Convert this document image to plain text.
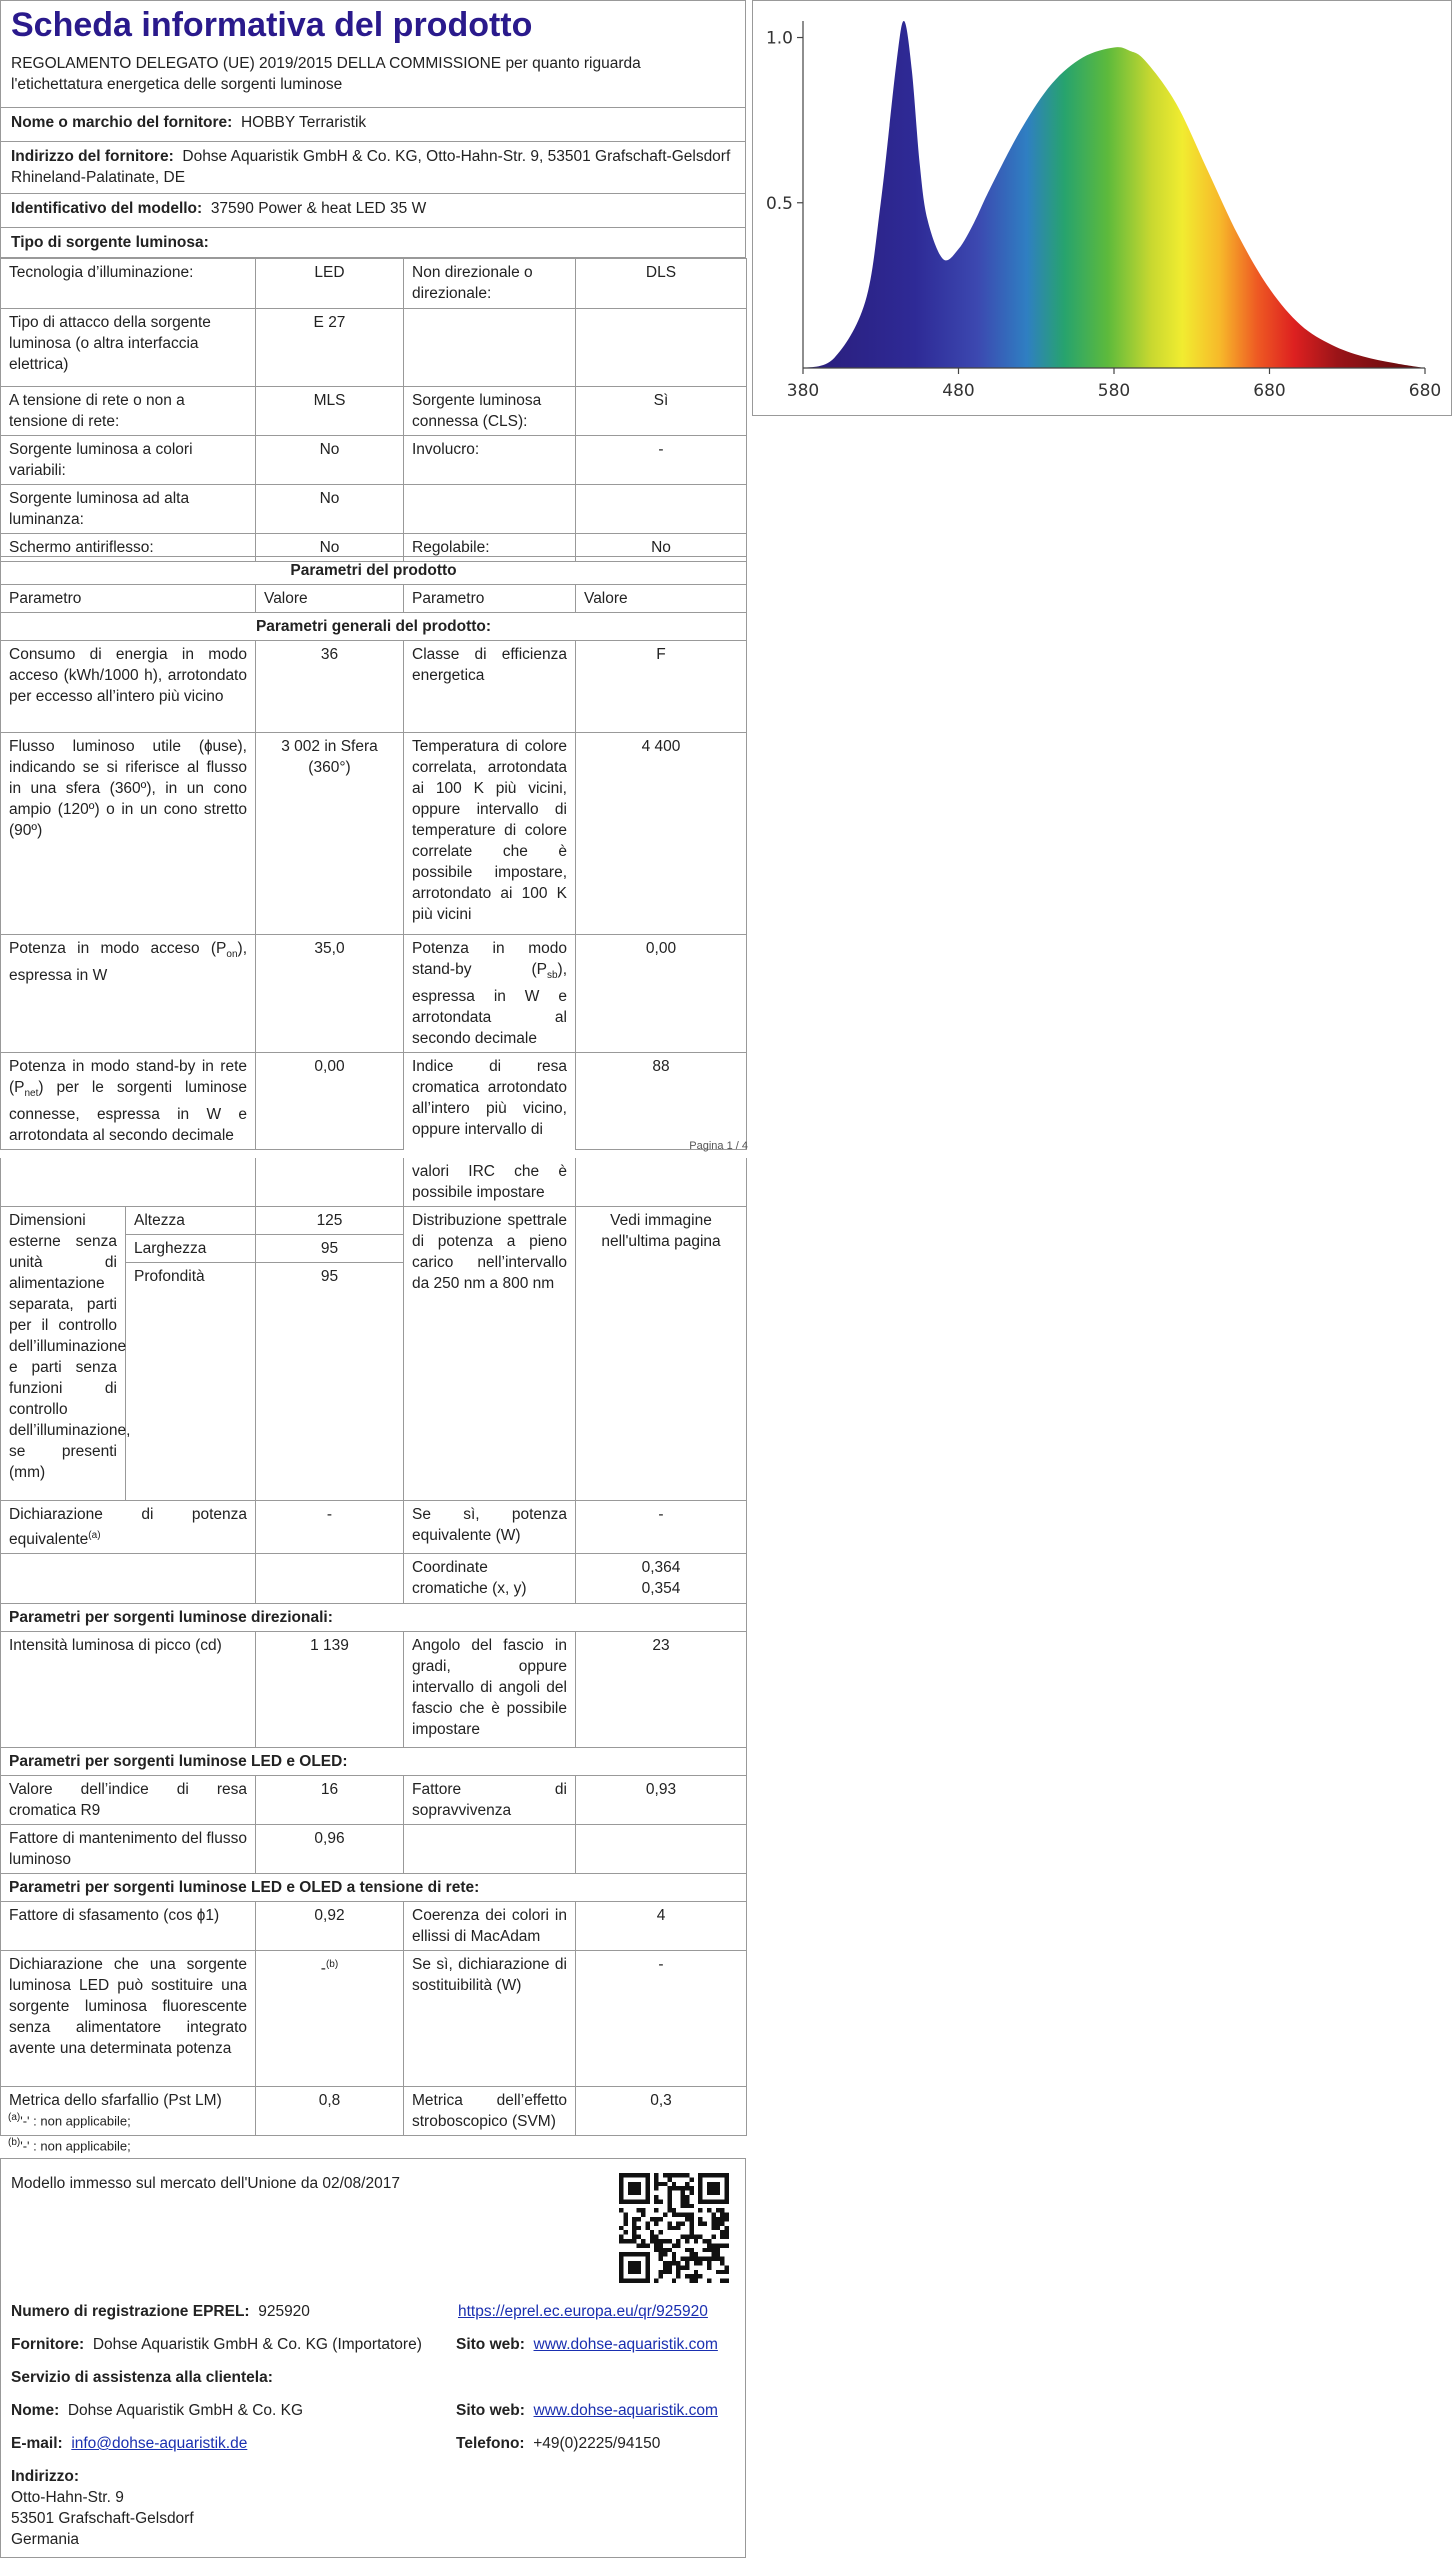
Scheda informativa del prodotto
REGOLAMENTO DELEGATO (UE) 2019/2015 DELLA COMMISSIONE per quanto riguarda l'etichettatura energetica delle sorgenti luminose
Nome o marchio del fornitore: HOBBY Terraristik
Indirizzo del fornitore: Dohse Aquaristik GmbH & Co. KG, Otto-Hahn-Str. 9, 53501 Grafschaft-Gelsdorf Rhineland-Palatinate, DE
Identificativo del modello: 37590 Power & heat LED 35 W
Tipo di sorgente luminosa:
Tecnologia d’illuminazione:	LED	Non direzionale o direzionale:	DLS
Tipo di attacco della sorgente luminosa (o altra interfaccia elettrica)	E 27		
A tensione di rete o non a tensione di rete:	MLS	Sorgente luminosa connessa (CLS):	Sì
Sorgente luminosa a colori variabili:	No	Involucro:	-
Sorgente luminosa ad alta luminanza:	No		
Schermo antiriflesso:	No	Regolabile:	No
Parametri del prodotto			
Parametro	Valore	Parametro	Valore
Parametri generali del prodotto:			
Consumo di energia in modo acceso (kWh/1000 h), arrotondato per eccesso all’intero più vicino	36	Classe di efficienza energetica	F
Flusso luminoso utile (ɸuse), indicando se si riferisce al flusso in una sfera (360º), in un cono ampio (120º) o in un cono stretto (90º)	3 002 in Sfera (360°)	Temperatura di colore correlata, arrotondata ai 100 K più vicini, oppure intervallo di temperature di colore correlate che è possibile impostare, arrotondato ai 100 K più vicini	4 400
Potenza in modo acceso $(P_{on})$, espressa in W	35,0	Potenza in modo stand-by $(P_{sb})$, espressa in W e arrotondata al secondo decimale	0,00
Potenza in modo stand-by in rete $(P_{net})$ per le sorgenti luminose connesse, espressa in W e arrotondata al secondo decimale	0,00	Indice di resa cromatica arrotondato all’intero più vicino, oppure intervallo di	88
Pagina 1 / 4
			valori IRC che è possibile impostare	
Dimensioni esterne senza unità di alimentazione separata, parti per il controllo dell’illuminazione e parti senza funzioni di controllo dell’illuminazione, se presenti (mm)	Altezza	125	Distribuzione spettrale di potenza a pieno carico nell’intervallo da 250 nm a 800 nm	Vedi immagine nell'ultima pagina
	Larghezza	95		
	Profondità	95		
Dichiarazione di potenza equivalente$^{(a)}$		-	Se sì, potenza equivalente (W)	-
			Coordinate cromatiche (x, y)	0,364
0,354

Parametri per sorgenti luminose direzionali:				
Intensità luminosa di picco (cd)		1 139	Angolo del fascio in gradi, oppure intervallo di angoli del fascio che è possibile impostare	23
Parametri per sorgenti luminose LED e OLED:				
Valore dell’indice di resa cromatica R9		16	Fattore di sopravvivenza	0,93
Fattore di mantenimento del flusso luminoso		0,96		
Parametri per sorgenti luminose LED e OLED a tensione di rete:				
Fattore di sfasamento (cos ɸ1)		0,92	Coerenza dei colori in ellissi di MacAdam	4
Dichiarazione che una sorgente luminosa LED può sostituire una sorgente luminosa fluorescente senza alimentatore integrato avente una determinata potenza		-$^{(b)}$	Se sì, dichiarazione di sostituibilità (W)	-
Metrica dello sfarfallio (Pst LM)		0,8	Metrica dell’effetto stroboscopico (SVM)	0,3
$^{(a)}$'-' : non applicabile;
$^{(b)}$'-' : non applicabile;
Modello immesso sul mercato dell'Unione da 02/08/2017
Numero di registrazione EPREL: 925920	https://eprel.ec.europa.eu/qr/925920
Fornitore: Dohse Aquaristik GmbH & Co. KG (Importatore) Sito web: www.dohse-aquaristik.com
Servizio di assistenza alla clientela:
Nome: Dohse Aquaristik GmbH & Co. KG	Sito web: www.dohse-aquaristik.com
E-mail: info@dohse-aquaristik.de	Telefono: +49(0)2225/94150
Indirizzo:
Otto-Hahn-Str. 9
53501 Grafschaft-Gelsdorf
Germania
1.0
0.5
380	480	580	680	680
